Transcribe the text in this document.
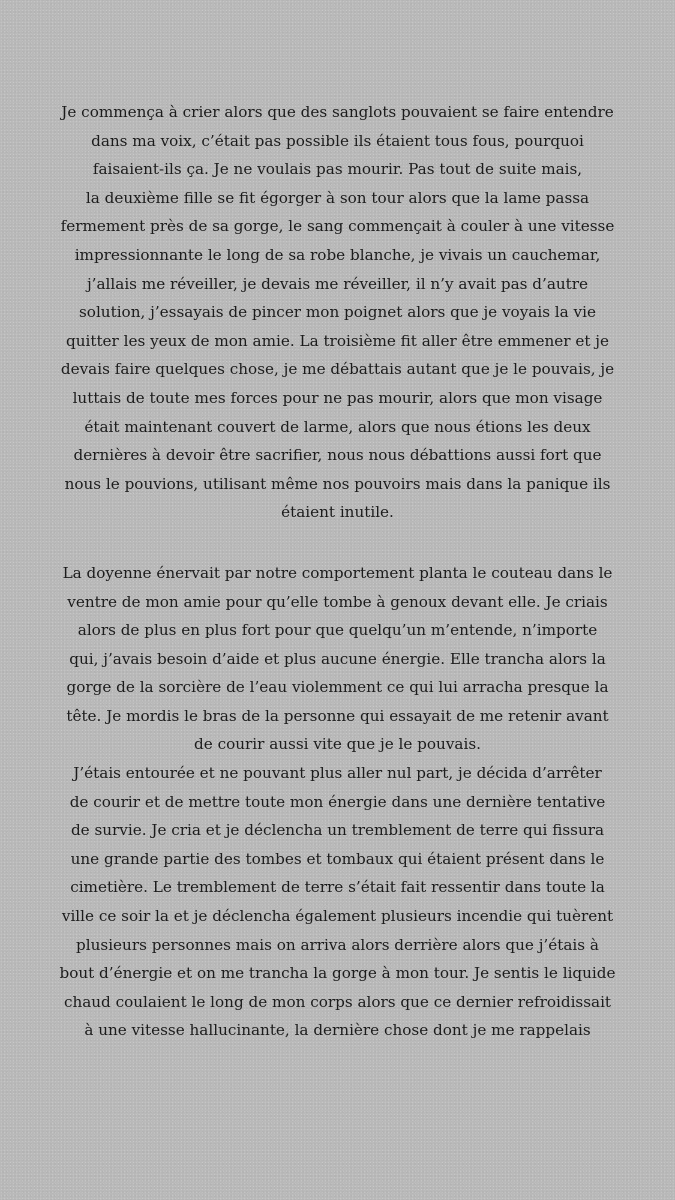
Je commença à crier alors que des sanglots pouvaient se faire entendre
dans ma voix, c’était pas possible ils étaient tous fous, pourquoi
faisaient-ils ça. Je ne voulais pas mourir. Pas tout de suite mais,
la deuxième fille se fit égorger à son tour alors que la lame passa
fermement près de sa gorge, le sang commençait à couler à une vitesse
impressionnante le long de sa robe blanche, je vivais un cauchemar,
j’allais me réveiller, je devais me réveiller, il n’y avait pas d’autre
solution, j’essayais de pincer mon poignet alors que je voyais la vie
quitter les yeux de mon amie. La troisième fit aller être emmener et je
devais faire quelques chose, je me débattais autant que je le pouvais, je
luttais de toute mes forces pour ne pas mourir, alors que mon visage
était maintenant couvert de larme, alors que nous étions les deux
dernières à devoir être sacrifier, nous nous débattions aussi fort que
nous le pouvions, utilisant même nos pouvoirs mais dans la panique ils
étaient inutile.
La doyenne énervait par notre comportement planta le couteau dans le
ventre de mon amie pour qu’elle tombe à genoux devant elle. Je criais
alors de plus en plus fort pour que quelqu’un m’entende, n’importe
qui, j’avais besoin d’aide et plus aucune énergie. Elle trancha alors la
gorge de la sorcière de l’eau violemment ce qui lui arracha presque la
tête. Je mordis le bras de la personne qui essayait de me retenir avant
de courir aussi vite que je le pouvais.
J’étais entourée et ne pouvant plus aller nul part, je décida d’arrêter
de courir et de mettre toute mon énergie dans une dernière tentative
de survie. Je cria et je déclencha un tremblement de terre qui fissura
une grande partie des tombes et tombaux qui étaient présent dans le
cimetière. Le tremblement de terre s’était fait ressentir dans toute la
ville ce soir la et je déclencha également plusieurs incendie qui tuèrent
plusieurs personnes mais on arriva alors derrière alors que j’étais à
bout d’énergie et on me trancha la gorge à mon tour. Je sentis le liquide
chaud coulaient le long de mon corps alors que ce dernier refroidissait
à une vitesse hallucinante, la dernière chose dont je me rappelais
